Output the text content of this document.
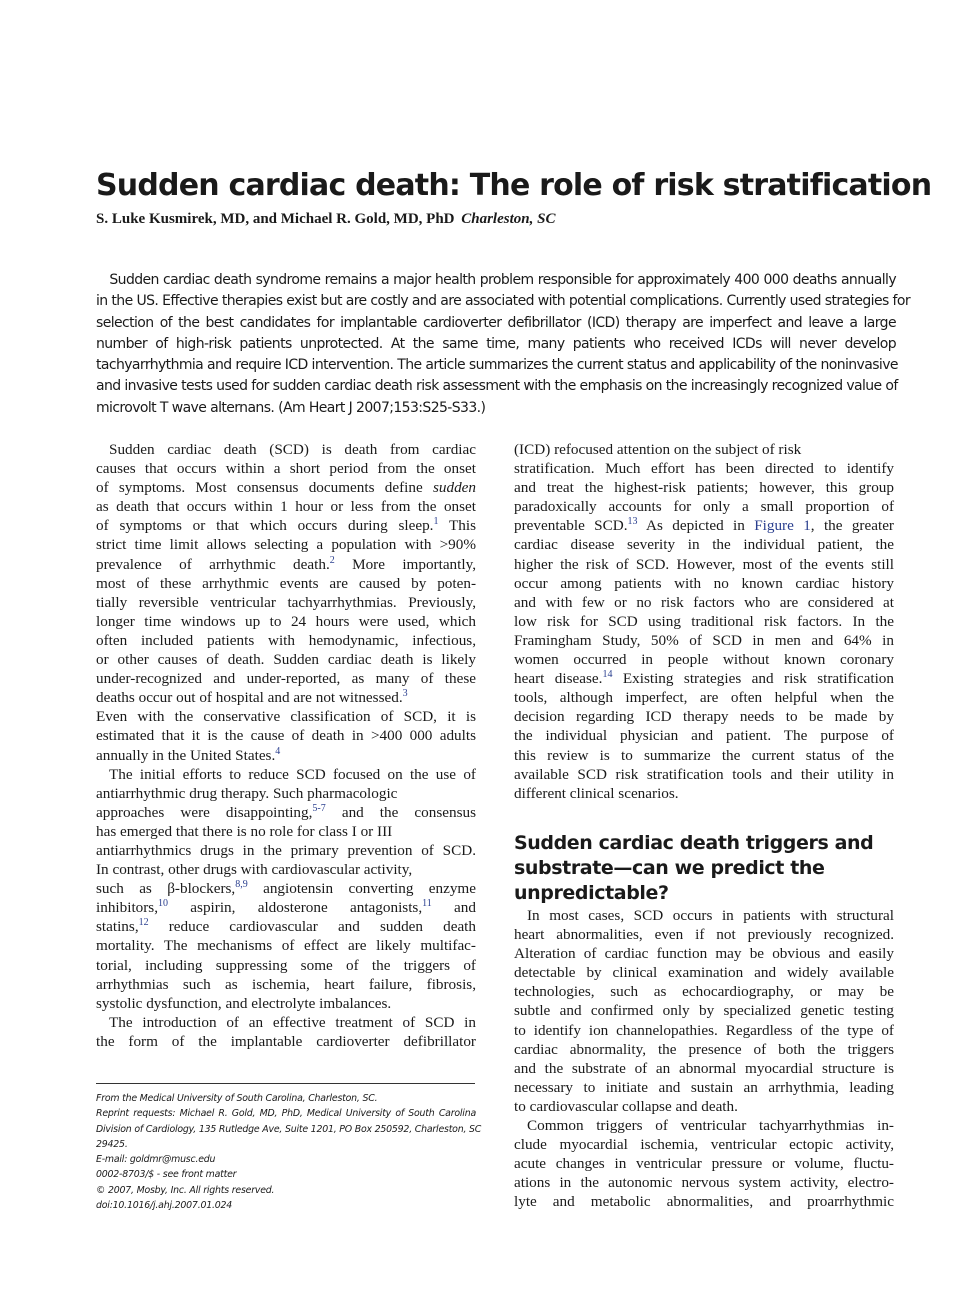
Sudden cardiac death: The role of risk stratification
S. Luke Kusmirek, MD, and Michael R. Gold, MD, PhD Charleston, SC
 Sudden cardiac death syndrome remains a major health problem responsible for approximately 400 000 deaths annually
in the US. Effective therapies exist but are costly and are associated with potential complications. Currently used strategies for
selection of the best candidates for implantable cardioverter defibrillator (ICD) therapy are imperfect and leave a large
number of high-risk patients unprotected. At the same time, many patients who received ICDs will never develop
tachyarrhythmia and require ICD intervention. The article summarizes the current status and applicability of the noninvasive
and invasive tests used for sudden cardiac death risk assessment with the emphasis on the increasingly recognized value of
microvolt T wave alternans. (Am Heart J 2007;153:S25-S33.)
Sudden cardiac death (SCD) is death from cardiac
causes that occurs within a short period from the onset
of symptoms. Most consensus documents define sudden
as death that occurs within 1 hour or less from the onset
of symptoms or that which occurs during sleep.$^1$ This
strict time limit allows selecting a population with >90%
prevalence of arrhythmic death.$^2$ More importantly,
most of these arrhythmic events are caused by poten-
tially reversible ventricular tachyarrhythmias. Previously,
longer time windows up to 24 hours were used, which
often included patients with hemodynamic, infectious,
or other causes of death. Sudden cardiac death is likely
under-recognized and under-reported, as many of these
deaths occur out of hospital and are not witnessed.$^3$
Even with the conservative classification of SCD, it is
estimated that it is the cause of death in >400 000 adults
annually in the United States.$^4$
The initial efforts to reduce SCD focused on the use of
antiarrhythmic drug therapy. Such pharmacologic
approaches were disappointing,$^{5-7}$ and the consensus
has emerged that there is no role for class I or III
antiarrhythmics drugs in the primary prevention of SCD.
In contrast, other drugs with cardiovascular activity,
such as β-blockers,$^{8,9}$ angiotensin converting enzyme
inhibitors,$^{10}$ aspirin, aldosterone antagonists,$^{11}$ and
statins,$^{12}$ reduce cardiovascular and sudden death
mortality. The mechanisms of effect are likely multifac-
torial, including suppressing some of the triggers of
arrhythmias such as ischemia, heart failure, fibrosis,
systolic dysfunction, and electrolyte imbalances.
The introduction of an effective treatment of SCD in
the form of the implantable cardioverter defibrillator
(ICD) refocused attention on the subject of risk
stratification. Much effort has been directed to identify
and treat the highest-risk patients; however, this group
paradoxically accounts for only a small proportion of
preventable SCD.$^{13}$ As depicted in Figure 1, the greater
cardiac disease severity in the individual patient, the
higher the risk of SCD. However, most of the events still
occur among patients with no known cardiac history
and with few or no risk factors who are considered at
low risk for SCD using traditional risk factors. In the
Framingham Study, 50% of SCD in men and 64% in
women occurred in people without known coronary
heart disease.$^{14}$ Existing strategies and risk stratification
tools, although imperfect, are often helpful when the
decision regarding ICD therapy needs to be made by
the individual physician and patient. The purpose of
this review is to summarize the current status of the
available SCD risk stratification tools and their utility in
different clinical scenarios.
Sudden cardiac death triggers and
substrate—can we predict the
unpredictable?
In most cases, SCD occurs in patients with structural
heart abnormalities, even if not previously recognized.
Alteration of cardiac function may be obvious and easily
detectable by clinical examination and widely available
technologies, such as echocardiography, or may be
subtle and confirmed only by specialized genetic testing
to identify ion channelopathies. Regardless of the type of
cardiac abnormality, the presence of both the triggers
and the substrate of an abnormal myocardial structure is
necessary to initiate and sustain an arrhythmia, leading
to cardiovascular collapse and death.
Common triggers of ventricular tachyarrhythmias in-
clude myocardial ischemia, ventricular ectopic activity,
acute changes in ventricular pressure or volume, fluctu-
ations in the autonomic nervous system activity, electro-
lyte and metabolic abnormalities, and proarrhythmic
From the Medical University of South Carolina, Charleston, SC.
Reprint requests: Michael R. Gold, MD, PhD, Medical University of South Carolina
Division of Cardiology, 135 Rutledge Ave, Suite 1201, PO Box 250592, Charleston, SC
29425.
E-mail: goldmr@musc.edu
0002-8703/$ - see front matter
© 2007, Mosby, Inc. All rights reserved.
doi:10.1016/j.ahj.2007.01.024
